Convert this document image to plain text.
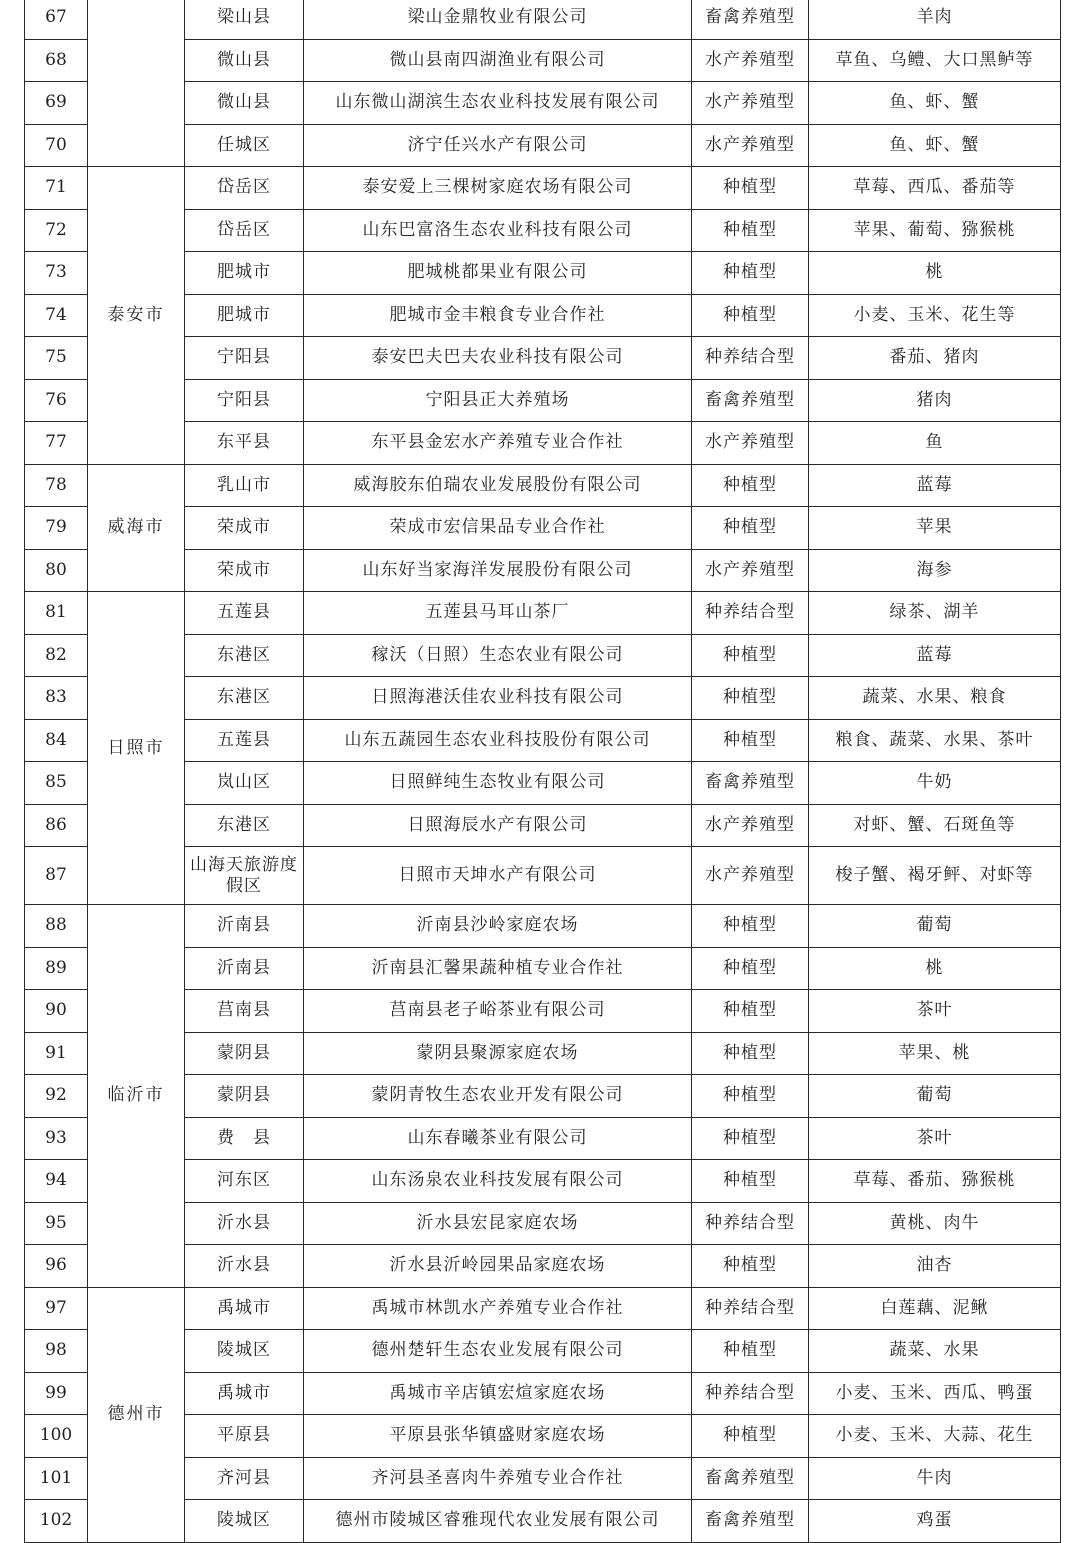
67		梁山县	梁山金鼎牧业有限公司	畜禽养殖型	羊肉
68		微山县	微山县南四湖渔业有限公司	水产养殖型	草鱼、乌鳢、大口黑鲈等
69		微山县	山东微山湖滨生态农业科技发展有限公司	水产养殖型	鱼、虾、蟹
70		任城区	济宁任兴水产有限公司	水产养殖型	鱼、虾、蟹
71	泰安市	岱岳区	泰安爱上三棵树家庭农场有限公司	种植型	草莓、西瓜、番茄等
72		岱岳区	山东巴富洛生态农业科技有限公司	种植型	苹果、葡萄、猕猴桃
73		肥城市	肥城桃都果业有限公司	种植型	桃
74		肥城市	肥城市金丰粮食专业合作社	种植型	小麦、玉米、花生等
75		宁阳县	泰安巴夫巴夫农业科技有限公司	种养结合型	番茄、猪肉
76		宁阳县	宁阳县正大养殖场	畜禽养殖型	猪肉
77		东平县	东平县金宏水产养殖专业合作社	水产养殖型	鱼
78	威海市	乳山市	威海胶东伯瑞农业发展股份有限公司	种植型	蓝莓
79		荣成市	荣成市宏信果品专业合作社	种植型	苹果
80		荣成市	山东好当家海洋发展股份有限公司	水产养殖型	海参
81	日照市	五莲县	五莲县马耳山茶厂	种养结合型	绿茶、湖羊
82		东港区	稼沃（日照）生态农业有限公司	种植型	蓝莓
83		东港区	日照海港沃佳农业科技有限公司	种植型	蔬菜、水果、粮食
84		五莲县	山东五蔬园生态农业科技股份有限公司	种植型	粮食、蔬菜、水果、茶叶
85		岚山区	日照鲜纯生态牧业有限公司	畜禽养殖型	牛奶
86		东港区	日照海辰水产有限公司	水产养殖型	对虾、蟹、石斑鱼等
87		山海天旅游度假区	日照市天坤水产有限公司	水产养殖型	梭子蟹、褐牙鲆、对虾等
88	临沂市	沂南县	沂南县沙岭家庭农场	种植型	葡萄
89		沂南县	沂南县汇馨果蔬种植专业合作社	种植型	桃
90		莒南县	莒南县老子峪茶业有限公司	种植型	茶叶
91		蒙阴县	蒙阴县聚源家庭农场	种植型	苹果、桃
92		蒙阴县	蒙阴青牧生态农业开发有限公司	种植型	葡萄
93		费　县	山东春曦茶业有限公司	种植型	茶叶
94		河东区	山东汤泉农业科技发展有限公司	种植型	草莓、番茄、猕猴桃
95		沂水县	沂水县宏昆家庭农场	种养结合型	黄桃、肉牛
96		沂水县	沂水县沂岭园果品家庭农场	种植型	油杏
97	德州市	禹城市	禹城市林凯水产养殖专业合作社	种养结合型	白莲藕、泥鳅
98		陵城区	德州楚轩生态农业发展有限公司	种植型	蔬菜、水果
99		禹城市	禹城市辛店镇宏煊家庭农场	种养结合型	小麦、玉米、西瓜、鸭蛋
100		平原县	平原县张华镇盛财家庭农场	种植型	小麦、玉米、大蒜、花生
101		齐河县	齐河县圣喜肉牛养殖专业合作社	畜禽养殖型	牛肉
102		陵城区	德州市陵城区睿雅现代农业发展有限公司	畜禽养殖型	鸡蛋
